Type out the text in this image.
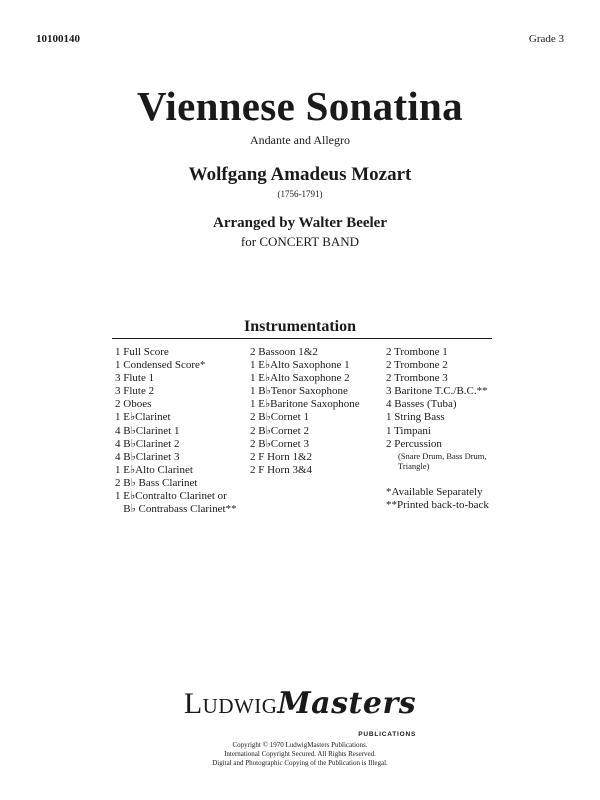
10100140	Grade 3
Viennese Sonatina
Andante and Allegro
Wolfgang Amadeus Mozart
(1756-1791)
Arranged by Walter Beeler
for CONCERT BAND
Instrumentation
1 Full Score
1 Condensed Score*
3 Flute 1
3 Flute 2
2 Oboes
1 E♭Clarinet
4 B♭Clarinet 1
4 B♭Clarinet 2
4 B♭Clarinet 3
1 E♭Alto Clarinet
2 B♭ Bass Clarinet
1 E♭Contralto Clarinet or
B♭ Contrabass Clarinet**
2 Bassoon 1&2
1 E♭Alto Saxophone 1
1 E♭Alto Saxophone 2
1 B♭Tenor Saxophone
1 E♭Baritone Saxophone
2 B♭Cornet 1
2 B♭Cornet 2
2 B♭Cornet 3
2 F Horn 1&2
2 F Horn 3&4
2 Trombone 1
2 Trombone 2
2 Trombone 3
3 Baritone T.C./B.C.**
4 Basses (Tuba)
1 String Bass
1 Timpani
2 Percussion
(Snare Drum, Bass Drum,
Triangle)
*Available Separately
**Printed back-to-back
LudwigMasters
PUBLICATIONS
Copyright © 1970 LudwigMasters Publications.
International Copyright Secured. All Rights Reserved.
Digital and Photographic Copying of the Publication is Illegal.
